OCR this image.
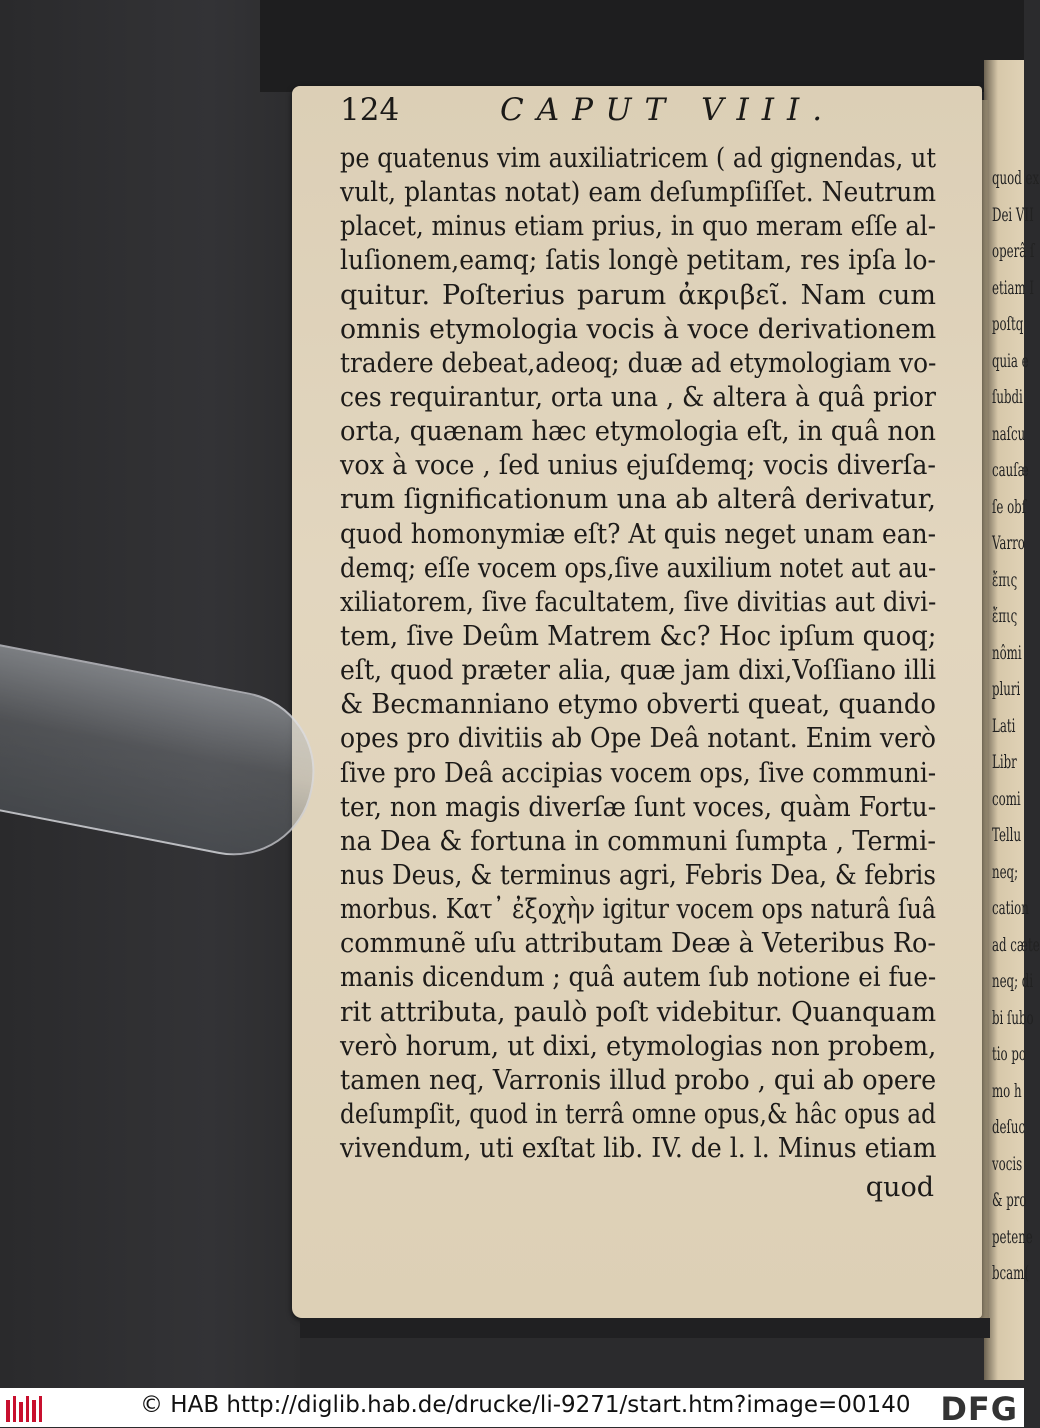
quod ex
Dei VII
operâ ſ
etiam I
poſtq
quia e
ſubdi
naſcu
cauſæ
ſe obſ
Varro
ἔπις
ἔπις
nômi
pluri
Lati
Libr
comi
Tellu
neq;
cation
ad cæte
neq; di
bi ſubo
tio po
mo h
deſuc
vocis
& pro
petene
bcam(
124	CAPUT VIII.
pe quatenus vim auxiliatricem ( ad gignendas, ut
vult, plantas notat) eam deſumpſiſſet. Neutrum
placet, minus etiam prius, in quo meram eſſe al-
luſionem,eamq; ſatis longè petitam, res ipſa lo-
quitur. Poſterius parum ἀκριβεῖ. Nam cum
omnis etymologia vocis à voce derivationem
tradere debeat,adeoq; duæ ad etymologiam vo-
ces requirantur, orta una , & altera à quâ prior
orta, quænam hæc etymologia eſt, in quâ non
vox à voce , ſed unius ejuſdemq; vocis diverſa-
rum ſignificationum una ab alterâ derivatur,
quod homonymiæ eſt? At quis neget unam ean-
demq; eſſe vocem ops,ſive auxilium notet aut au-
xiliatorem, ſive facultatem, ſive divitias aut divi-
tem, ſive Deûm Matrem &c? Hoc ipſum quoq;
eſt, quod præter alia, quæ jam dixi,Voſſiano illi
& Becmanniano etymo obverti queat, quando
opes pro divitiis ab Ope Deâ notant. Enim verò
ſive pro Deâ accipias vocem ops, ſive communi-
ter, non magis diverſæ ſunt voces, quàm Fortu-
na Dea & fortuna in communi ſumpta , Termi-
nus Deus, & terminus agri, Febris Dea, & febris
morbus. Κατ᾽ ἐξοχὴν igitur vocem ops naturâ ſuâ
communẽ uſu attributam Deæ à Veteribus Ro-
manis dicendum ; quâ autem ſub notione ei fue-
rit attributa, paulò poſt videbitur. Quanquam
verò horum, ut dixi, etymologias non probem,
tamen neq, Varronis illud probo , qui ab opere
deſumpſit, quod in terrâ omne opus,& hâc opus ad
vivendum, uti exſtat lib. IV. de l. l. Minus etiam
quod
© HAB http://diglib.hab.de/drucke/li-9271/start.htm?image=00140 DFG
